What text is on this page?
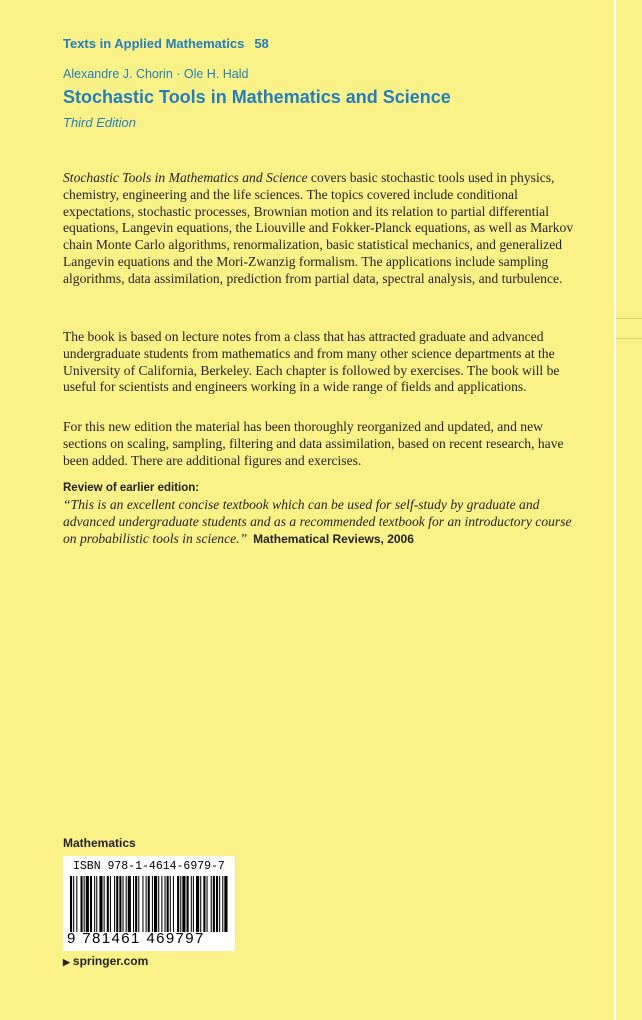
Texts in Applied Mathematics 58
Alexandre J. Chorin · Ole H. Hald
Stochastic Tools in Mathematics and Science
Third Edition
Stochastic Tools in Mathematics and Science covers basic stochastic tools used in physics, chemistry, engineering and the life sciences. The topics covered include conditional expectations, stochastic processes, Brownian motion and its relation to partial differential equations, Langevin equations, the Liouville and Fokker-Planck equations, as well as Markov chain Monte Carlo algorithms, renormalization, basic statistical mechanics, and generalized Langevin equations and the Mori-Zwanzig formalism. The applications include sampling algorithms, data assimilation, prediction from partial data, spectral analysis, and turbulence.
The book is based on lecture notes from a class that has attracted graduate and advanced undergraduate students from mathematics and from many other science departments at the University of California, Berkeley. Each chapter is followed by exercises. The book will be useful for scientists and engineers working in a wide range of fields and applications.
For this new edition the material has been thoroughly reorganized and updated, and new sections on scaling, sampling, filtering and data assimilation, based on recent research, have been added. There are additional figures and exercises.
Review of earlier edition:
“This is an excellent concise textbook which can be used for self-study by graduate and advanced undergraduate students and as a recommended textbook for an introductory course on probabilistic tools in science.” Mathematical Reviews, 2006
Mathematics
ISBN 978-1-4614-6979-7
9 781461 469797
▶ springer.com
